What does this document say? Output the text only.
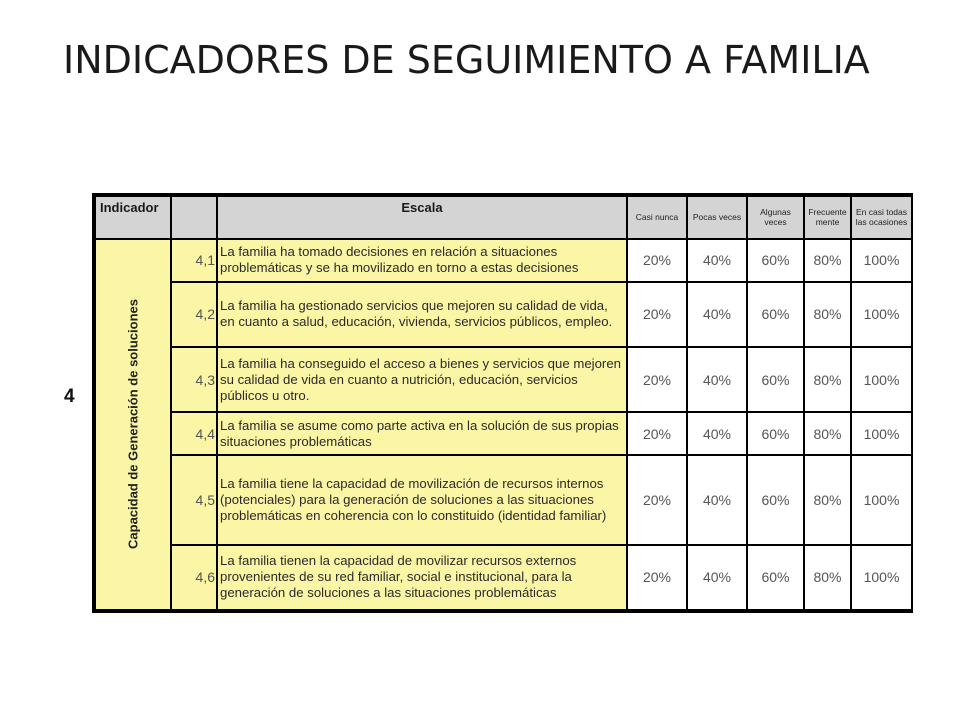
INDICADORES DE SEGUIMIENTO A FAMILIA
4
Indicador		Escala	Casi nunca	Pocas veces	Algunas veces	Frecuente mente	En casi todas las ocasiones

Capacidad de Generación de soluciones	4,1	La familia ha tomado decisiones en relación a situaciones problemáticas y se ha movilizado en torno a estas decisiones	20%	40%	60%	80%	100%
	4,2	La familia ha gestionado servicios que mejoren su calidad de vida, en cuanto a salud, educación, vivienda, servicios públicos, empleo.	20%	40%	60%	80%	100%
	4,3	La familia ha conseguido el acceso a bienes y servicios que mejoren su calidad de vida en cuanto a nutrición, educación, servicios públicos u otro.	20%	40%	60%	80%	100%
	4,4	La familia se asume como parte activa en la solución de sus propias situaciones problemáticas	20%	40%	60%	80%	100%
	4,5	La familia tiene la capacidad de movilización de recursos internos (potenciales) para la generación de soluciones a las situaciones problemáticas en coherencia con lo constituido (identidad familiar)	20%	40%	60%	80%	100%
	4,6	La familia tienen la capacidad de movilizar recursos externos provenientes de su red familiar, social e institucional, para la generación de soluciones a las situaciones problemáticas	20%	40%	60%	80%	100%
